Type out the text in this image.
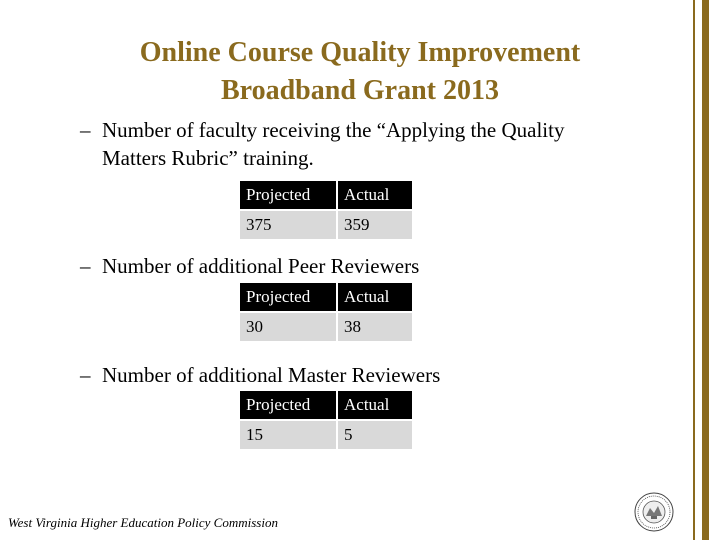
Online Course Quality Improvement
Broadband Grant 2013
– Number of faculty receiving the “Applying the Quality
Matters Rubric” training.
Projected	Actual
375	359
– Number of additional Peer Reviewers
Projected	Actual
30	38
– Number of additional Master Reviewers
Projected	Actual
15	5
West Virginia Higher Education Policy Commission
